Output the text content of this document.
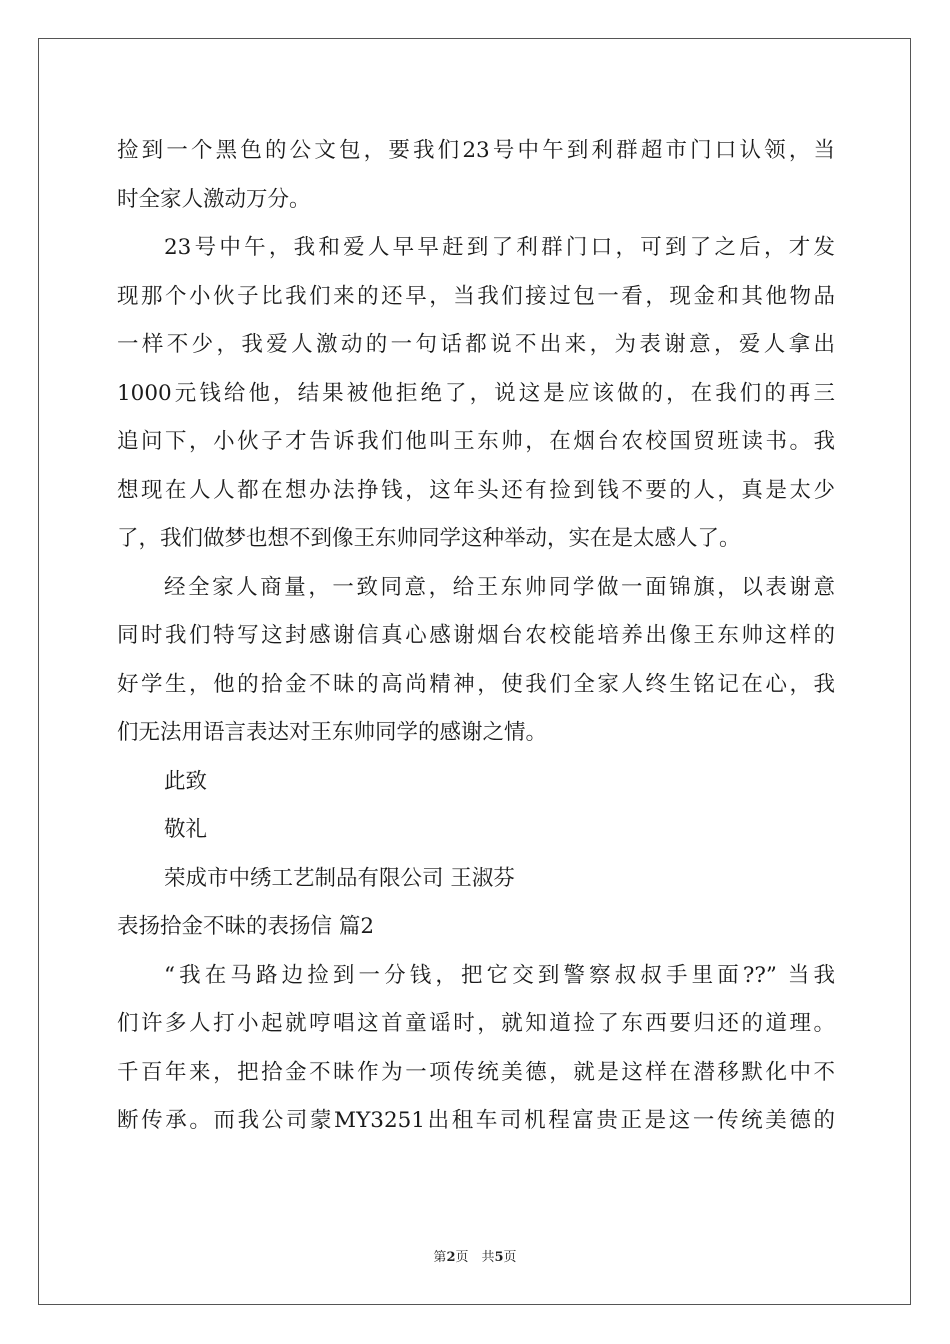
捡到一个黑色的公文包，要我们23号中午到利群超市门口认领，当
时全家人激动万分。
23号中午，我和爱人早早赶到了利群门口，可到了之后，才发
现那个小伙子比我们来的还早，当我们接过包一看，现金和其他物品
一样不少，我爱人激动的一句话都说不出来，为表谢意，爱人拿出
1000元钱给他，结果被他拒绝了，说这是应该做的，在我们的再三
追问下，小伙子才告诉我们他叫王东帅，在烟台农校国贸班读书。我
想现在人人都在想办法挣钱，这年头还有捡到钱不要的人，真是太少
了，我们做梦也想不到像王东帅同学这种举动，实在是太感人了。
经全家人商量，一致同意，给王东帅同学做一面锦旗，以表谢意
同时我们特写这封感谢信真心感谢烟台农校能培养出像王东帅这样的
好学生，他的拾金不昧的高尚精神，使我们全家人终生铭记在心，我
们无法用语言表达对王东帅同学的感谢之情。
此致
敬礼
荣成市中绣工艺制品有限公司 王淑芬
表扬拾金不昧的表扬信 篇2
“我在马路边捡到一分钱，把它交到警察叔叔手里面??” 当我
们许多人打小起就哼唱这首童谣时，就知道捡了东西要归还的道理。
千百年来，把拾金不昧作为一项传统美德，就是这样在潜移默化中不
断传承。而我公司蒙MY3251出租车司机程富贵正是这一传统美德的
第2页　共5页
